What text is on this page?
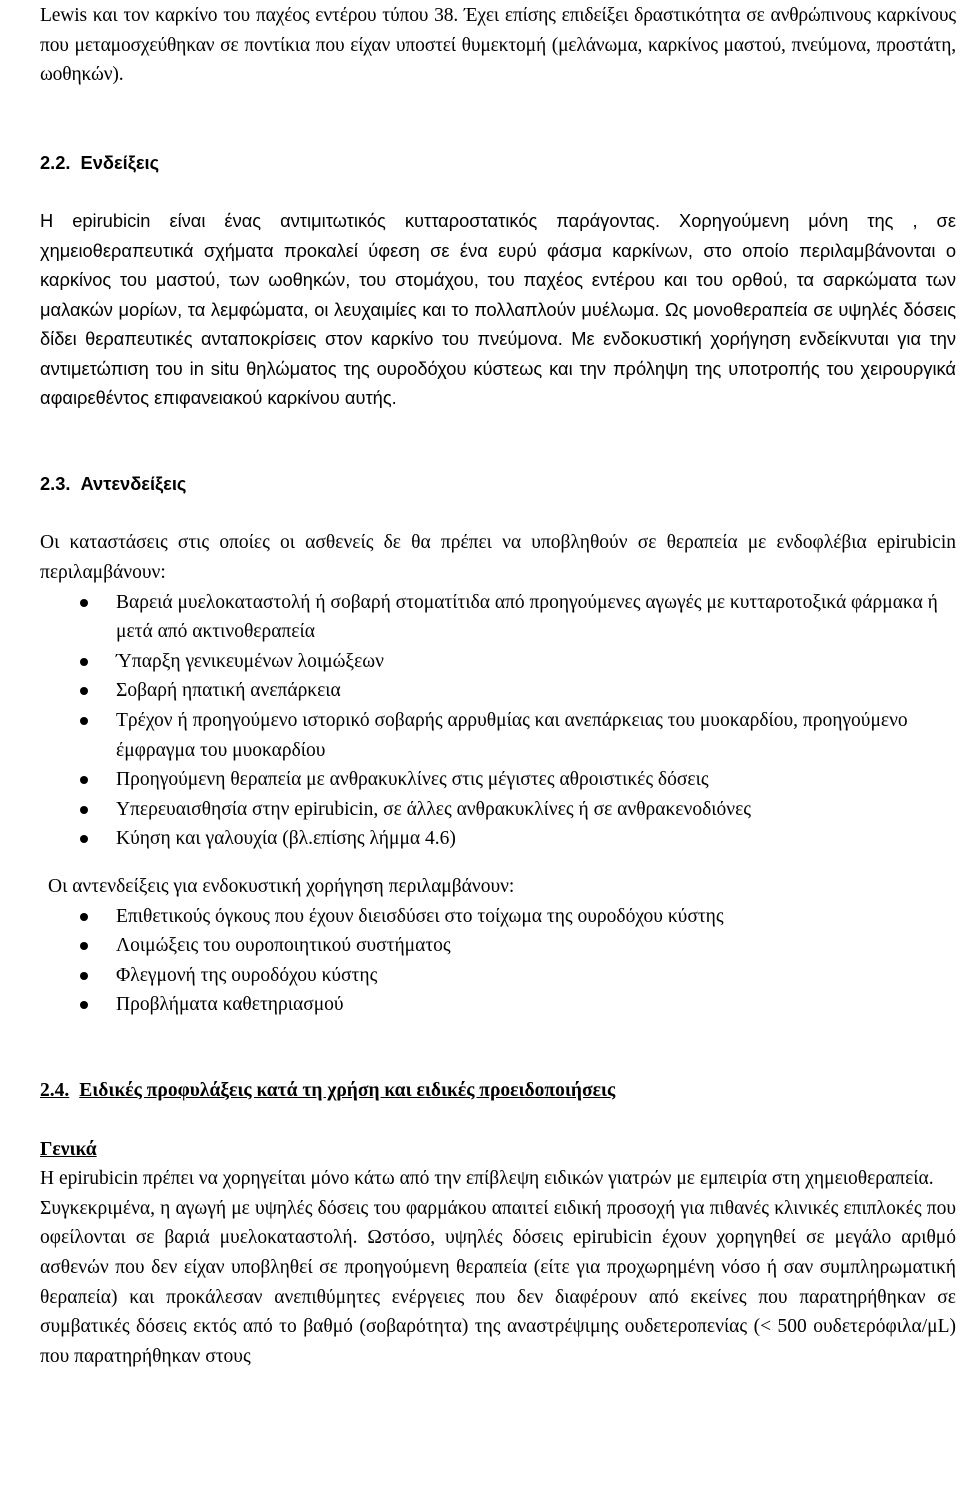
Lewis και τον καρκίνο του παχέος εντέρου τύπου 38. Έχει επίσης επιδείξει δραστικότητα σε ανθρώπινους καρκίνους που μεταμοσχεύθηκαν σε ποντίκια που είχαν υποστεί θυμεκτομή (μελάνωμα, καρκίνος μαστού, πνεύμονα, προστάτη, ωοθηκών).

2.2. Ενδείξεις

Η epirubicin είναι ένας αντιμιτωτικός κυτταροστατικός παράγοντας. Χορηγούμενη μόνη της , σε χημειοθεραπευτικά σχήματα προκαλεί ύφεση σε ένα ευρύ φάσμα καρκίνων, στο οποίο περιλαμβάνονται ο καρκίνος του μαστού, των ωοθηκών, του στομάχου, του παχέος εντέρου και του ορθού, τα σαρκώματα των μαλακών μορίων, τα λεμφώματα, οι λευχαιμίες και το πολλαπλούν μυέλωμα. Ως μονοθεραπεία σε υψηλές δόσεις δίδει θεραπευτικές ανταποκρίσεις στον καρκίνο του πνεύμονα. Με ενδοκυστική χορήγηση ενδείκνυται για την αντιμετώπιση του in situ θηλώματος της ουροδόχου κύστεως και την πρόληψη της υποτροπής του χειρουργικά αφαιρεθέντος επιφανειακού καρκίνου αυτής.

2.3. Αντενδείξεις

Οι καταστάσεις στις οποίες οι ασθενείς δε θα πρέπει να υποβληθούν σε θεραπεία με ενδοφλέβια epirubicin περιλαμβάνουν:

Βαρειά μυελοκαταστολή ή σοβαρή στοματίτιδα από προηγούμενες αγωγές με κυτταροτοξικά φάρμακα ή μετά από ακτινοθεραπεία
Ύπαρξη γενικευμένων λοιμώξεων
Σοβαρή ηπατική ανεπάρκεια
Τρέχον ή προηγούμενο ιστορικό σοβαρής αρρυθμίας και ανεπάρκειας του μυοκαρδίου, προηγούμενο έμφραγμα του μυοκαρδίου
Προηγούμενη θεραπεία με ανθρακυκλίνες στις μέγιστες αθροιστικές δόσεις
Υπερευαισθησία στην epirubicin, σε άλλες ανθρακυκλίνες ή σε ανθρακενοδιόνες
Κύηση και γαλουχία (βλ.επίσης λήμμα 4.6)

Οι αντενδείξεις για ενδοκυστική χορήγηση περιλαμβάνουν:

Επιθετικούς όγκους που έχουν διεισδύσει στο τοίχωμα της ουροδόχου κύστης
Λοιμώξεις του ουροποιητικού συστήματος
Φλεγμονή της ουροδόχου κύστης
Προβλήματα καθετηριασμού
2.4. Ειδικές προφυλάξεις κατά τη χρήση και ειδικές προειδοποιήσεις
Γενικά

Η epirubicin πρέπει να χορηγείται μόνο κάτω από την επίβλεψη ειδικών γιατρών με εμπειρία στη χημειοθεραπεία.

Συγκεκριμένα, η αγωγή με υψηλές δόσεις του φαρμάκου απαιτεί ειδική προσοχή για πιθανές κλινικές επιπλοκές που οφείλονται σε βαριά μυελοκαταστολή. Ωστόσο, υψηλές δόσεις epirubicin έχουν χορηγηθεί σε μεγάλο αριθμό ασθενών που δεν είχαν υποβληθεί σε προηγούμενη θεραπεία (είτε για προχωρημένη νόσο ή σαν συμπληρωματική θεραπεία) και προκάλεσαν ανεπιθύμητες ενέργειες που δεν διαφέρουν από εκείνες που παρατηρήθηκαν σε συμβατικές δόσεις εκτός από το βαθμό (σοβαρότητα) της αναστρέψιμης ουδετεροπενίας (< 500 ουδετερόφιλα/μL) που παρατηρήθηκαν στους
